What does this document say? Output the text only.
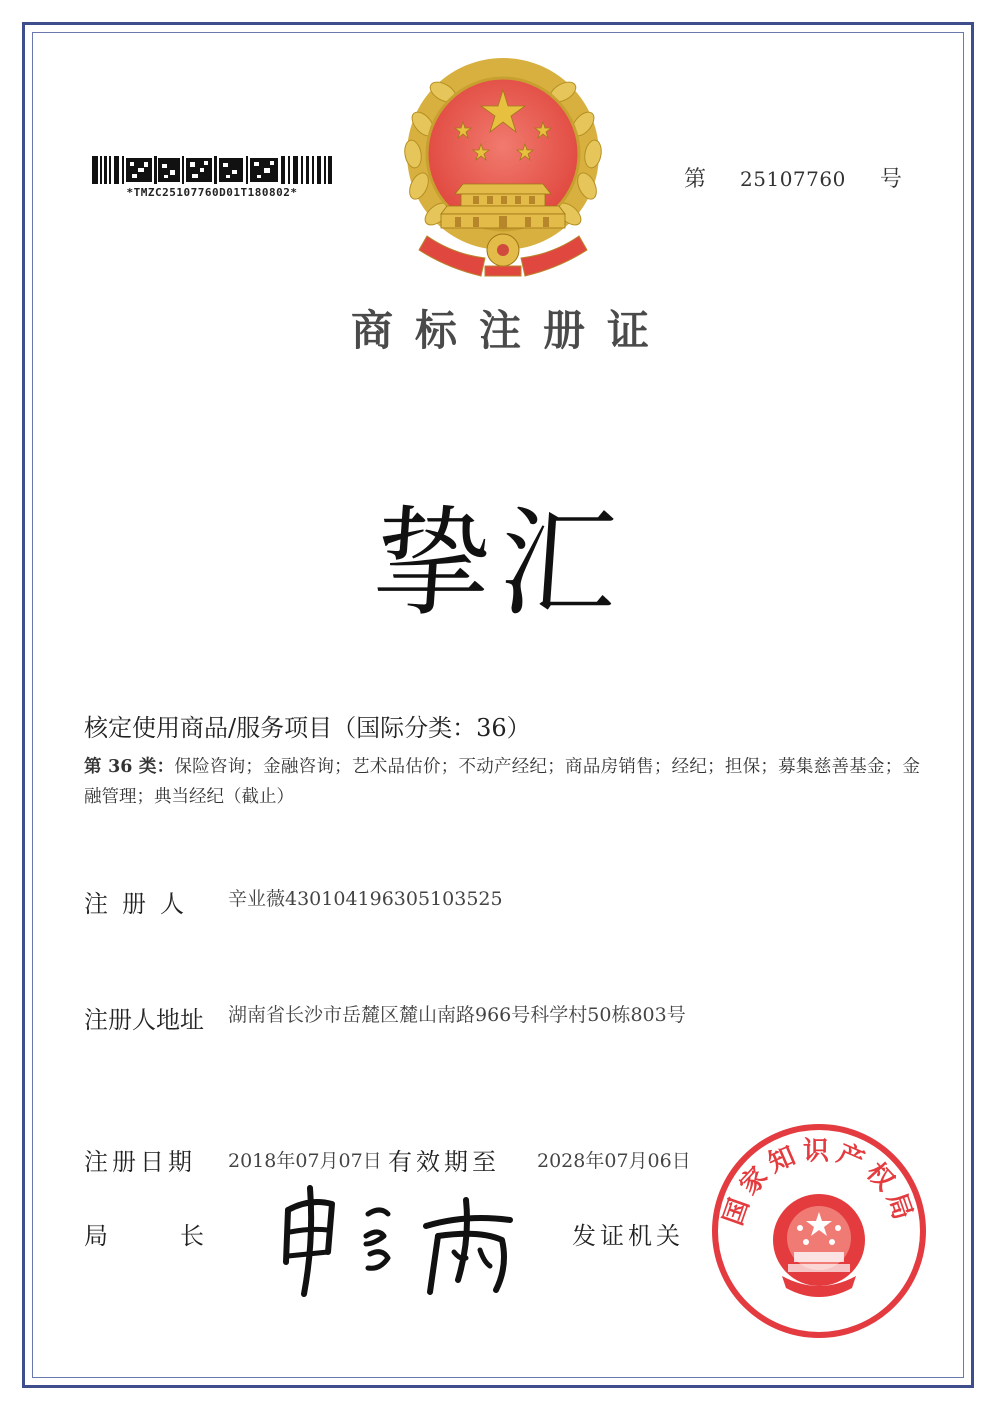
*TMZC25107760D01T180802*
第 25107760 号
商标注册证
挚汇
核定使用商品/服务项目（国际分类：36）
第 36 类：保险咨询；金融咨询；艺术品估价；不动产经纪；商品房销售；经纪；担保；募集慈善基金；金融管理；典当经纪（截止）
注册人 辛业薇430104196305103525
注册人地址 湖南省长沙市岳麓区麓山南路966号科学村50栋803号
注册日期 2018年07月07日 有效期至 2028年07月06日
局	长	发证机关
国家知识产权局
